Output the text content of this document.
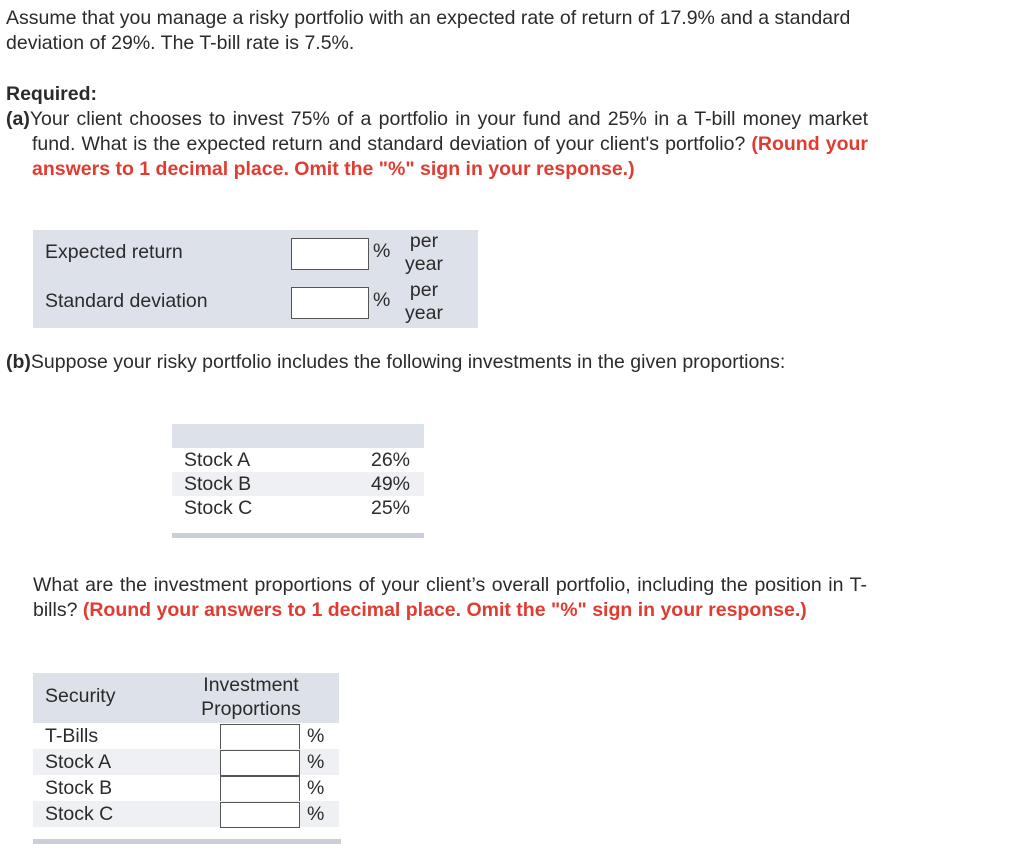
Assume that you manage a risky portfolio with an expected rate of return of 17.9% and a standard deviation of 29%. The T-bill rate is 7.5%.
Required:
(a)Your client chooses to invest 75% of a portfolio in your fund and 25% in a T-bill money market fund. What is the expected return and standard deviation of your client's portfolio? (Round your answers to 1 decimal place. Omit the "%" sign in your response.)
Expected return	%	per
year
Standard deviation	%	per
year
(b)Suppose your risky portfolio includes the following investments in the given proportions:
Stock A	26%
Stock B	49%
Stock C	25%
What are the investment proportions of your client’s overall portfolio, including the position in T-bills? (Round your answers to 1 decimal place. Omit the "%" sign in your response.)
Security	Investment
Proportions
T-Bills	%
Stock A	%
Stock B	%
Stock C	%
